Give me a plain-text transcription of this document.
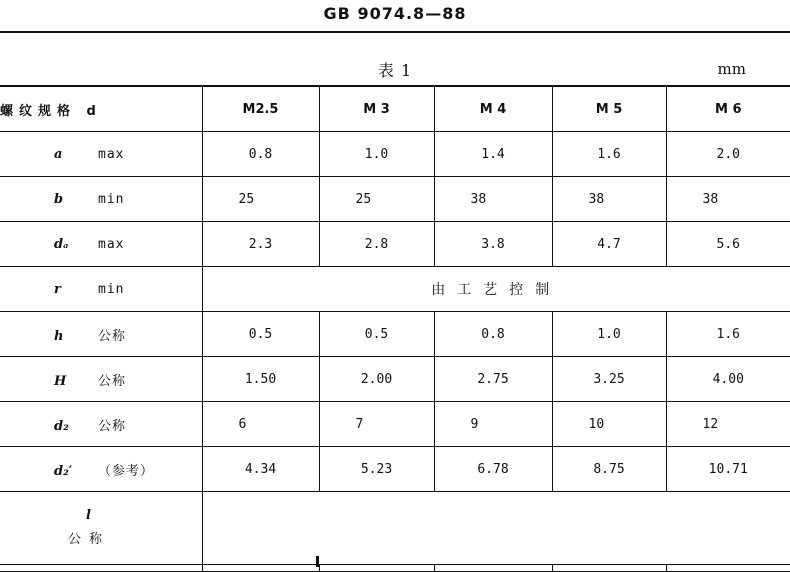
GB 9074.8—88
表 1	mm
螺纹规格 d	M2.5	M 3	M 4	M 5	M 6
a max	0.8	1.0	1.4	1.6	2.0
b min	25	25	38	38	38
dₐ max	2.3	2.8	3.8	4.7	5.6
r min	由工艺控制				
h 公称	0.5	0.5	0.8	1.0	1.6
H 公称	1.50	2.00	2.75	3.25	4.00
d₂ 公称	6	7	9	10	12
d₂′ （参考）	4.34	5.23	6.78	8.75	10.71

l
公称					
